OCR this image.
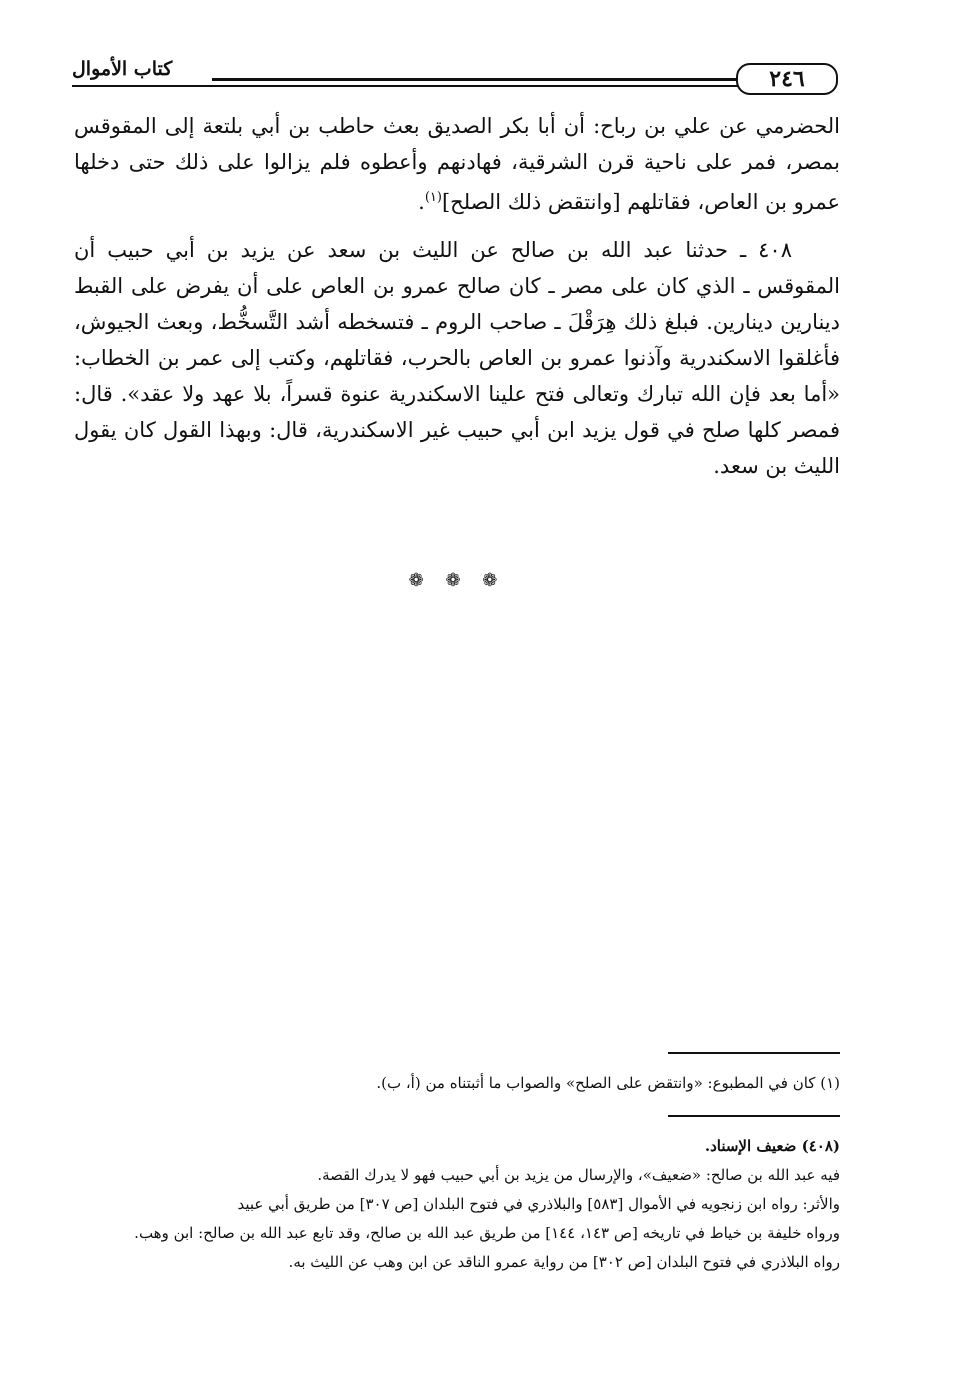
كتاب الأموال	٢٤٦

الحضرمي عن علي بن رباح: أن أبا بكر الصديق بعث حاطب بن أبي بلتعة إلى المقوقس بمصر، فمر على ناحية قرن الشرقية، فهادنهم وأعطوه فلم يزالوا على ذلك حتى دخلها عمرو بن العاص، فقاتلهم [وانتقض ذلك الصلح]$^{(١)}$.

٤٠٨ ـ حدثنا عبد الله بن صالح عن الليث بن سعد عن يزيد بن أبي حبيب أن المقوقس ـ الذي كان على مصر ـ كان صالح عمرو بن العاص على أن يفرض على القبط دينارين دينارين. فبلغ ذلك هِرَقْلَ ـ صاحب الروم ـ فتسخطه أشد التَّسخُّط، وبعث الجيوش، فأغلقوا الاسكندرية وآذنوا عمرو بن العاص بالحرب، فقاتلهم، وكتب إلى عمر بن الخطاب: «أما بعد فإن الله تبارك وتعالى فتح علينا الاسكندرية عنوة قسراً، بلا عهد ولا عقد». قال: فمصر كلها صلح في قول يزيد ابن أبي حبيب غير الاسكندرية، قال: وبهذا القول كان يقول الليث بن سعد.

❁ ❁ ❁
(١) كان في المطبوع: «وانتقض على الصلح» والصواب ما أثبتناه من (أ، ب).

(٤٠٨) ضعيف الإسناد.

فيه عبد الله بن صالح: «ضعيف»، والإرسال من يزيد بن أبي حبيب فهو لا يدرك القصة.

والأثر: رواه ابن زنجويه في الأموال [٥٨٣] والبلاذري في فتوح البلدان [ص ٣٠٧] من طريق أبي عبيد

ورواه خليفة بن خياط في تاريخه [ص ١٤٣، ١٤٤] من طريق عبد الله بن صالح، وقد تابع عبد الله بن صالح: ابن وهب.

رواه البلاذري في فتوح البلدان [ص ٣٠٢] من رواية عمرو الناقد عن ابن وهب عن الليث به.
